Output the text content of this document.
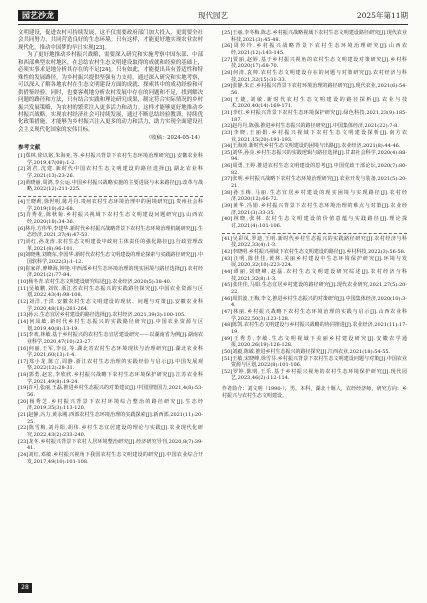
园艺沙龙	现代园艺	2025年第11期

文明建设，促进农村可持续发展，这不仅需要政府部门加大投入，更需要全社会共同努力，共同营造良好的生态环境。只有这样，才能更好地实现农业农村现代化，推动中国梦的早日实现[23]。

为了更好地推动乡村振兴战略，需要深入研究和实施考察中国东部、中部和西部典型农村地区，在总结农村生态文明建设取得的成就和经验的基础上，必须实事求是地分析其存在的不足[24]。只有如此，才能提出具有普适性和特殊性的发展路径，为乡村振兴提供坚强有力支持。通过深入研究和实地考察，可以深入了解各地农村在生态文明建设方面的成就、探索其中的成功经验和可供借鉴经验。同时，也要客观地分析农村发展中存在的问题和不足，找到解决问题的路径和方法，只有结合实践和理论研究成果，制定符合实际情况的乡村振兴发展策略，为农村的繁荣注入更多活力和动力。这样才能够更好地推动乡村振兴战略，实现农村经济社会可持续发展，通过不断总结经验教训，持续优化政策措施，才能够为乡村振兴注入更多的动力和活力，助力实现全面建设社会主义现代化国家的宏伟目标。

（收稿：2024-05-14）
参考文献
[1]郑林,徐以铭,朱海亚,等.乡村振兴背景下农村生态环境治理研究[J].安徽农业科学,2019,47(08):1-2.
[2]刘君,沈建.新时代中国农村生态文明建设的路径选择[J].湖北农业科学,2021(13):23-26.
[3]黄晓丽,周鸿,李公运.中国乡村振兴战略实施的主要进展与未来路径[J].改革与战略,2022(12):211-225.
[4]王晓莉,徐世明,陈丹丹.贵州农村生态环境治理中的困境研究[J].贵州社会科学,2019(10):62-68.
[5]肖秀花,陈秋菊.乡村振兴视域下农村生态文明建设问题研究[J].山西农经,2020(18):34-36.
[6]林丹,方伟华,李建华.新时代乡村振兴战略背景下农村生态环境治理机制研究[J].生态经济,2021,37(4):47-53.
[7]尚红,孙龙涛.农村生态文明建设中政府主体责任的强化路径[J].行政管理改革,2021(8):96-101.
[8]刘晓燕,刘晓东,李国华.新时代农村生态文明建设的理论探索与实践路径研究[J].中国软科学,2022(3):1-12.
[9]崔家祥,廖峰海,钟艳.中西部乡村生态环境治理的现实困境与路径选择[J].农村经济,2021(2):77-84.
[10]杨冬青.农村生态文明建设研究综述[J].农业经济,2020(5):38-40.
[11]吴敏鹏,刘钦.浙江省农村生态振兴的实践路径探究[J].中国农业资源与区划,2022,43(4):98-108.
[12]刘洋,于洪.安徽农村生态文明建设的现状、问题与对策[J].安徽农业科学,2020,48(18):261-264.
[13]孙云.生态宜居乡村建设的路径选择[J].农村经济,2021,39(3):100-105.
[14]何凤敏.新时代乡村生态振兴的实践路径研究[J].中国农业资源与区划,2019,40(8):13-19.
[15]李欢,林敏.基于乡村振兴的农村生态宜居建设研究——以湖南省为例[J].湖南农业科学,2020,47(10):23-27.
[16]何丽,王军,李良,等.湖北省农村生态环境现状与治理研究[J].湖北农业科学,2021,60(13):1-4.
[17]郑小龙,陈立,周静.浙江农村生态治理的实践经验与启示[J].中国发展观察,2022(12):28-31.
[18]郭勇,赵宏,李欣欣.乡村振兴战略下农村生态环境保护研究[J].江苏农业科学,2021,49(8):19-24.
[19]许可,张丽,王磊.推进乡村生态振兴的对策建议[J].中国国情国力,2021,4(8):53-56.
[20]杨秀芝.乡村振兴背景下农村环境综合整治的路径研究[J].生态经济,2019,35(3):113-120.
[21]赵静,冯力,黄永刚.西部农村生态环境治理的实践探索[J].新西部,2021(11):20-25.
[22]陈雪梅,刘丹阳,胡伟.乡村生态宜居建设的理论与实践[J].农业现代化研究,2022,43(2):233-240.
[23]龙冬.乡村振兴背景下农村人居环境整治研究[J].经济研究导刊,2020,8(7):39-41.
[24]刘红,邓敏.乡村振兴视角下我国农村生态文明建设的研究[J].中国农业综合开发,2017,49(10):101-108.
[25]王丽,李冬梅,陈志.乡村振兴战略视域下农村生态文明建设路径研究[J].现代农业科技,2021(3):45-48.
[26]周传玲.乡村振兴战略背景下农村生态环境治理研究[J].山西农经,2021(12):143-145.
[27]贾丽,赵婷.基于乡村振兴视角的农村生态文明建设对策研究[J].乡村科技,2020(17):68-70.
[28]何清,袁帅.农村生态文明建设存在的问题与对策研究[J].农村经济与科技,2021,32(15):31-33.
[29]张静,朱正.乡村振兴背景下农村环境治理的路径研究[J].现代农业,2021(6):54-56.
[30]王婕,刘敏.新时代农村生态文明建设的路径探析[J].农业与技术,2020,40(14):169-171.
[31]李红.乡村振兴背景下农村生态环境保护研究[J].绿色科技,2021,23(9):185-187.
[32]赵丹丹,陈强.推进乡村生态振兴的路径研究[J].中国集体经济,2021(22):7-8.
[33]李晓,王丽娟.乡村振兴视域下农村生态文明建设探析[J].南方农业,2021,15(20):191-193.
[34]王海涛.新时代乡村生态文明建设的困境与出路[J].农业经济,2021(8):44-46.
[35]刘华,孙亮.乡村生态振兴的实践逻辑与路径选择[J].甘肃社会科学,2020(4):88-94.
[36]周勇,王婷.推进农村生态文明建设的思考[J].中国党政干部论坛,2020(7):80-82.
[37]张明.乡村振兴战略下农村生态环境治理研究[J].农业开发与装备,2021(5):20-21.
[38]孙玉梅,马丽.生态宜居乡村建设的现实困境与实现路径[J].农村经济,2020(12):66-72.
[39]黄华,冯娟.乡村振兴背景下农村生态环境治理的难点与对策[J].农业经济,2021(3):33-35.
[40]林晓,张林.农村生态文明建设的价值意蕴与实践路径[J].理论探讨,2021(4):101-106.
[41]吴彩凤,罗迪,王明.新时代乡村生态振兴的实践路径研究[J].农村经济与科技,2022,33(4):1-3.
[42]李晓明.乡村振兴视域下农村生态文明建设的路径[J].乡村科技,2022(3):56-58.
[43]汪明,陈佳佳,黄林.美丽乡村建设中生态环境保护研究[J].环境与发展,2020,32(10):223-224.
[44]谭丽,刘晓峰,赵磊.农村生态文明建设研究综述[J].农村经济与科技,2021,32(8):1-3.
[45]张佳佳,马娟.生态宜居乡村建设的路径研究[J].现代农业研究,2021,27(5):20-22.
[46]周洪波,王梅,李文.推进乡村生态振兴的对策研究[J].中国集体经济,2020(10):3-4.
[47]林丽.乡村振兴战略下农村生态环境治理的实践与启示[J].山西农业科学,2022,50(3):123-128.
[48]陈凯.农村生态文明建设与乡村振兴战略的协同推进[J].农业经济,2021(11):17-19.
[49]王秀芳,李敏.生态文明视域下美丽乡村建设研究[J].安徽农学通报,2020,26(19):126-128.
[50]刘毅,陈敏.推进乡村生态振兴的路径探究[J].江西农业,2021(18):54-55.
[51]王敏,宋晓峰,徐雪芬.乡村振兴背景下农村生态文明建设问题与对策[J].中国农业资源与区划,2022(8):101-106.
[52]罗婷,陈明,王乐.基于乡村振兴视角的农村生态环境保护研究[J].现代园艺,2023,46(2):112-114.
作者简介：刘文明（1990-），男，本科，湖北十堰人，农经经济师，研究方向：乡村振兴与农村生态文明建设。
28
